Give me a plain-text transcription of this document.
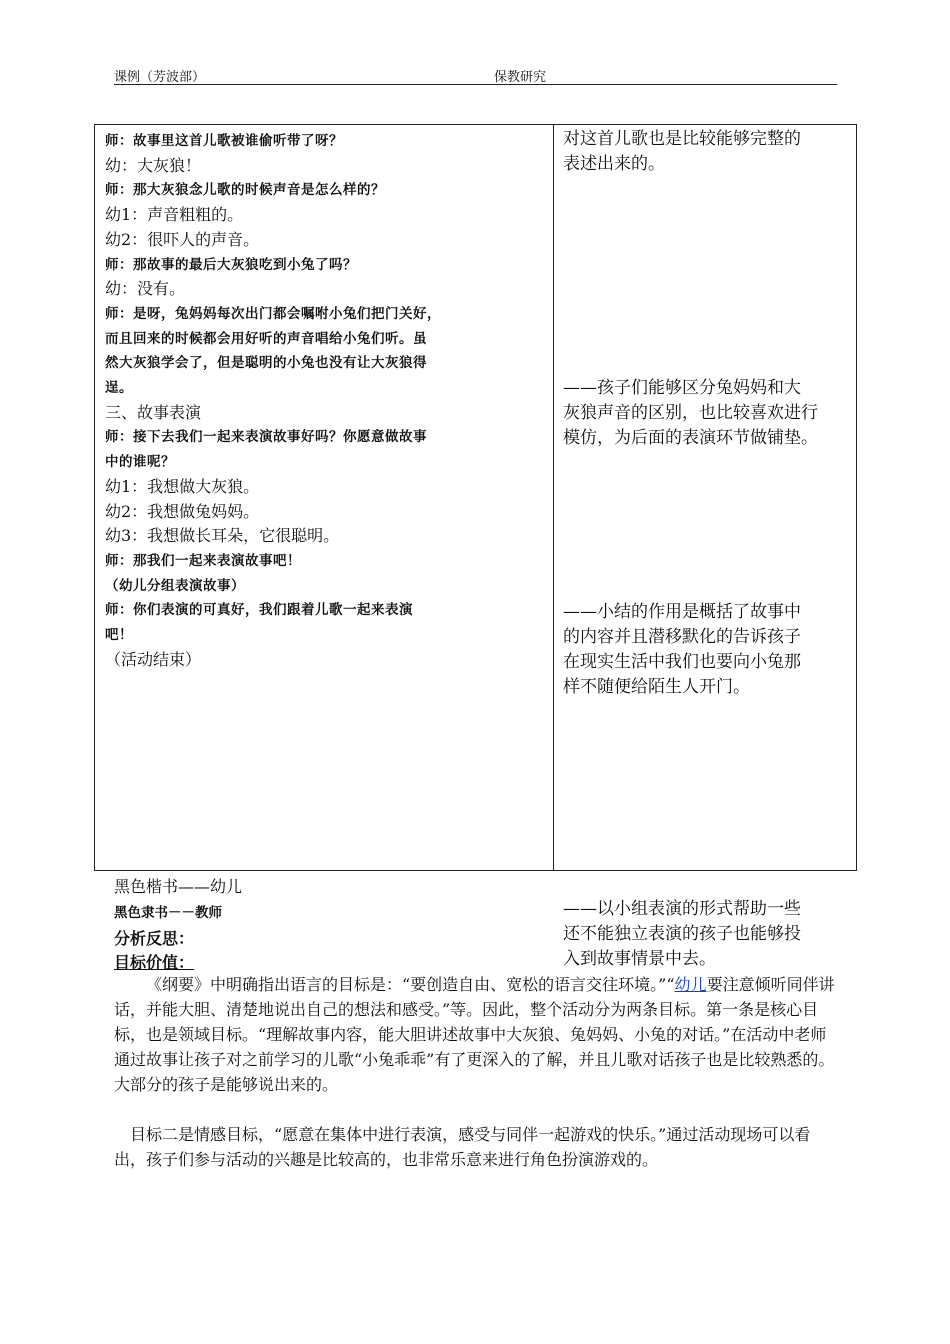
课例（芳波部）	保教研究
师：故事里这首儿歌被谁偷听带了呀？
幼：大灰狼！
师：那大灰狼念儿歌的时候声音是怎么样的？
幼1：声音粗粗的。
幼2：很吓人的声音。
师：那故事的最后大灰狼吃到小兔了吗？
幼：没有。
师：是呀，兔妈妈每次出门都会嘱咐小兔们把门关好，
而且回来的时候都会用好听的声音唱给小兔们听。虽
然大灰狼学会了，但是聪明的小兔也没有让大灰狼得
逞。
三、故事表演
师：接下去我们一起来表演故事好吗？你愿意做故事
中的谁呢？
幼1：我想做大灰狼。
幼2：我想做兔妈妈。
幼3：我想做长耳朵，它很聪明。
师：那我们一起来表演故事吧！
（幼儿分组表演故事）
师：你们表演的可真好，我们跟着儿歌一起来表演
吧！
（活动结束）
对这首儿歌也是比较能够完整的
表述出来的。
——孩子们能够区分兔妈妈和大
灰狼声音的区别，也比较喜欢进行
模仿，为后面的表演环节做铺垫。
——小结的作用是概括了故事中
的内容并且潜移默化的告诉孩子
在现实生活中我们也要向小兔那
样不随便给陌生人开门。
——以小组表演的形式帮助一些
还不能独立表演的孩子也能够投
入到故事情景中去。
黑色楷书——幼儿
黑色隶书－－教师
分析反思：
目标价值：
《纲要》中明确指出语言的目标是：“要创造自由、宽松的语言交往环境。”“幼儿要注意倾听同伴讲话，并能大胆、清楚地说出自己的想法和感受。”等。因此，整个活动分为两条目标。第一条是核心目标，也是领域目标。“理解故事内容，能大胆讲述故事中大灰狼、兔妈妈、小兔的对话。”在活动中老师通过故事让孩子对之前学习的儿歌“小兔乖乖”有了更深入的了解，并且儿歌对话孩子也是比较熟悉的。大部分的孩子是能够说出来的。
目标二是情感目标，“愿意在集体中进行表演，感受与同伴一起游戏的快乐。”通过活动现场可以看出，孩子们参与活动的兴趣是比较高的，也非常乐意来进行角色扮演游戏的。
